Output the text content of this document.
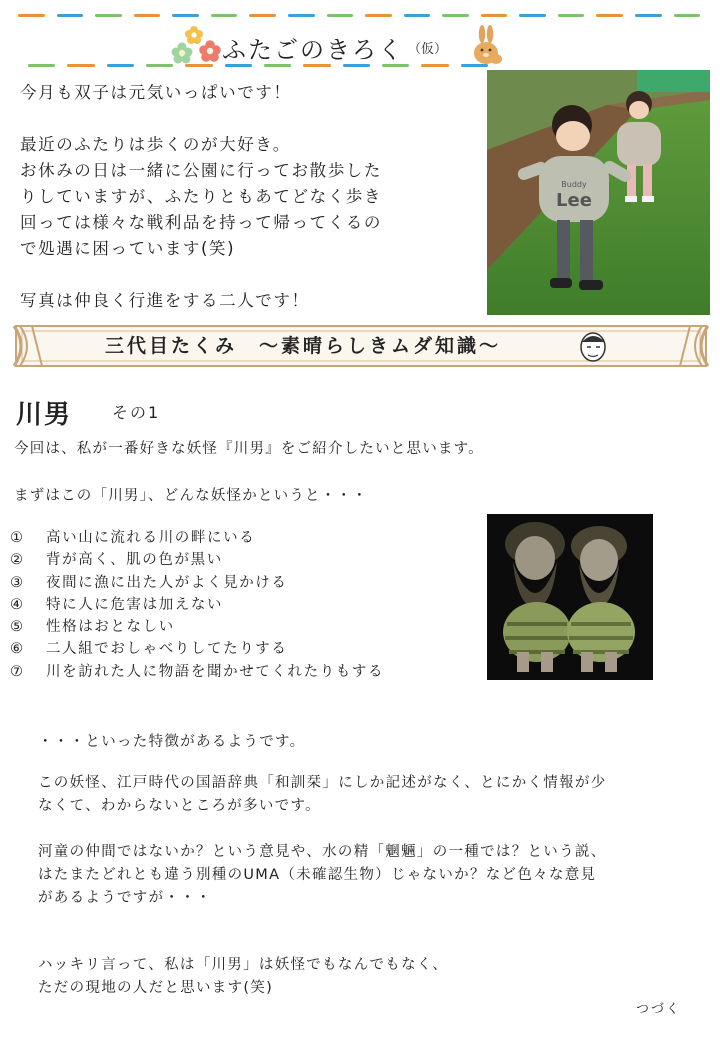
ふたごのきろく （仮）

今月も双子は元気いっぱいです！

最近のふたりは歩くのが大好き。

お休みの日は一緒に公園に行ってお散歩した

りしていますが、ふたりともあてどなく歩き

回っては様々な戦利品を持って帰ってくるの

で処遇に困っています(笑)

写真は仲良く行進をする二人です！

Buddy
Lee
三代目たくみ　～素晴らしきムダ知識～
川男 その1
今回は、私が一番好きな妖怪『川男』をご紹介したいと思います。
まずはこの「川男」、どんな妖怪かというと・・・
①	高い山に流れる川の畔にいる
②	背が高く、肌の色が黒い
③	夜間に漁に出た人がよく見かける
④	特に人に危害は加えない
⑤	性格はおとなしい
⑥	二人組でおしゃべりしてたりする
⑦	川を訪れた人に物語を聞かせてくれたりもする

・・・といった特徴があるようです。

この妖怪、江戸時代の国語辞典「和訓栞」にしか記述がなく、とにかく情報が少

なくて、わからないところが多いです。

河童の仲間ではないか？という意見や、水の精「魍魎」の一種では？という説、

はたまたどれとも違う別種のUMA（未確認生物）じゃないか？など色々な意見

があるようですが・・・

ハッキリ言って、私は「川男」は妖怪でもなんでもなく、

ただの現地の人だと思います(笑)

つづく
